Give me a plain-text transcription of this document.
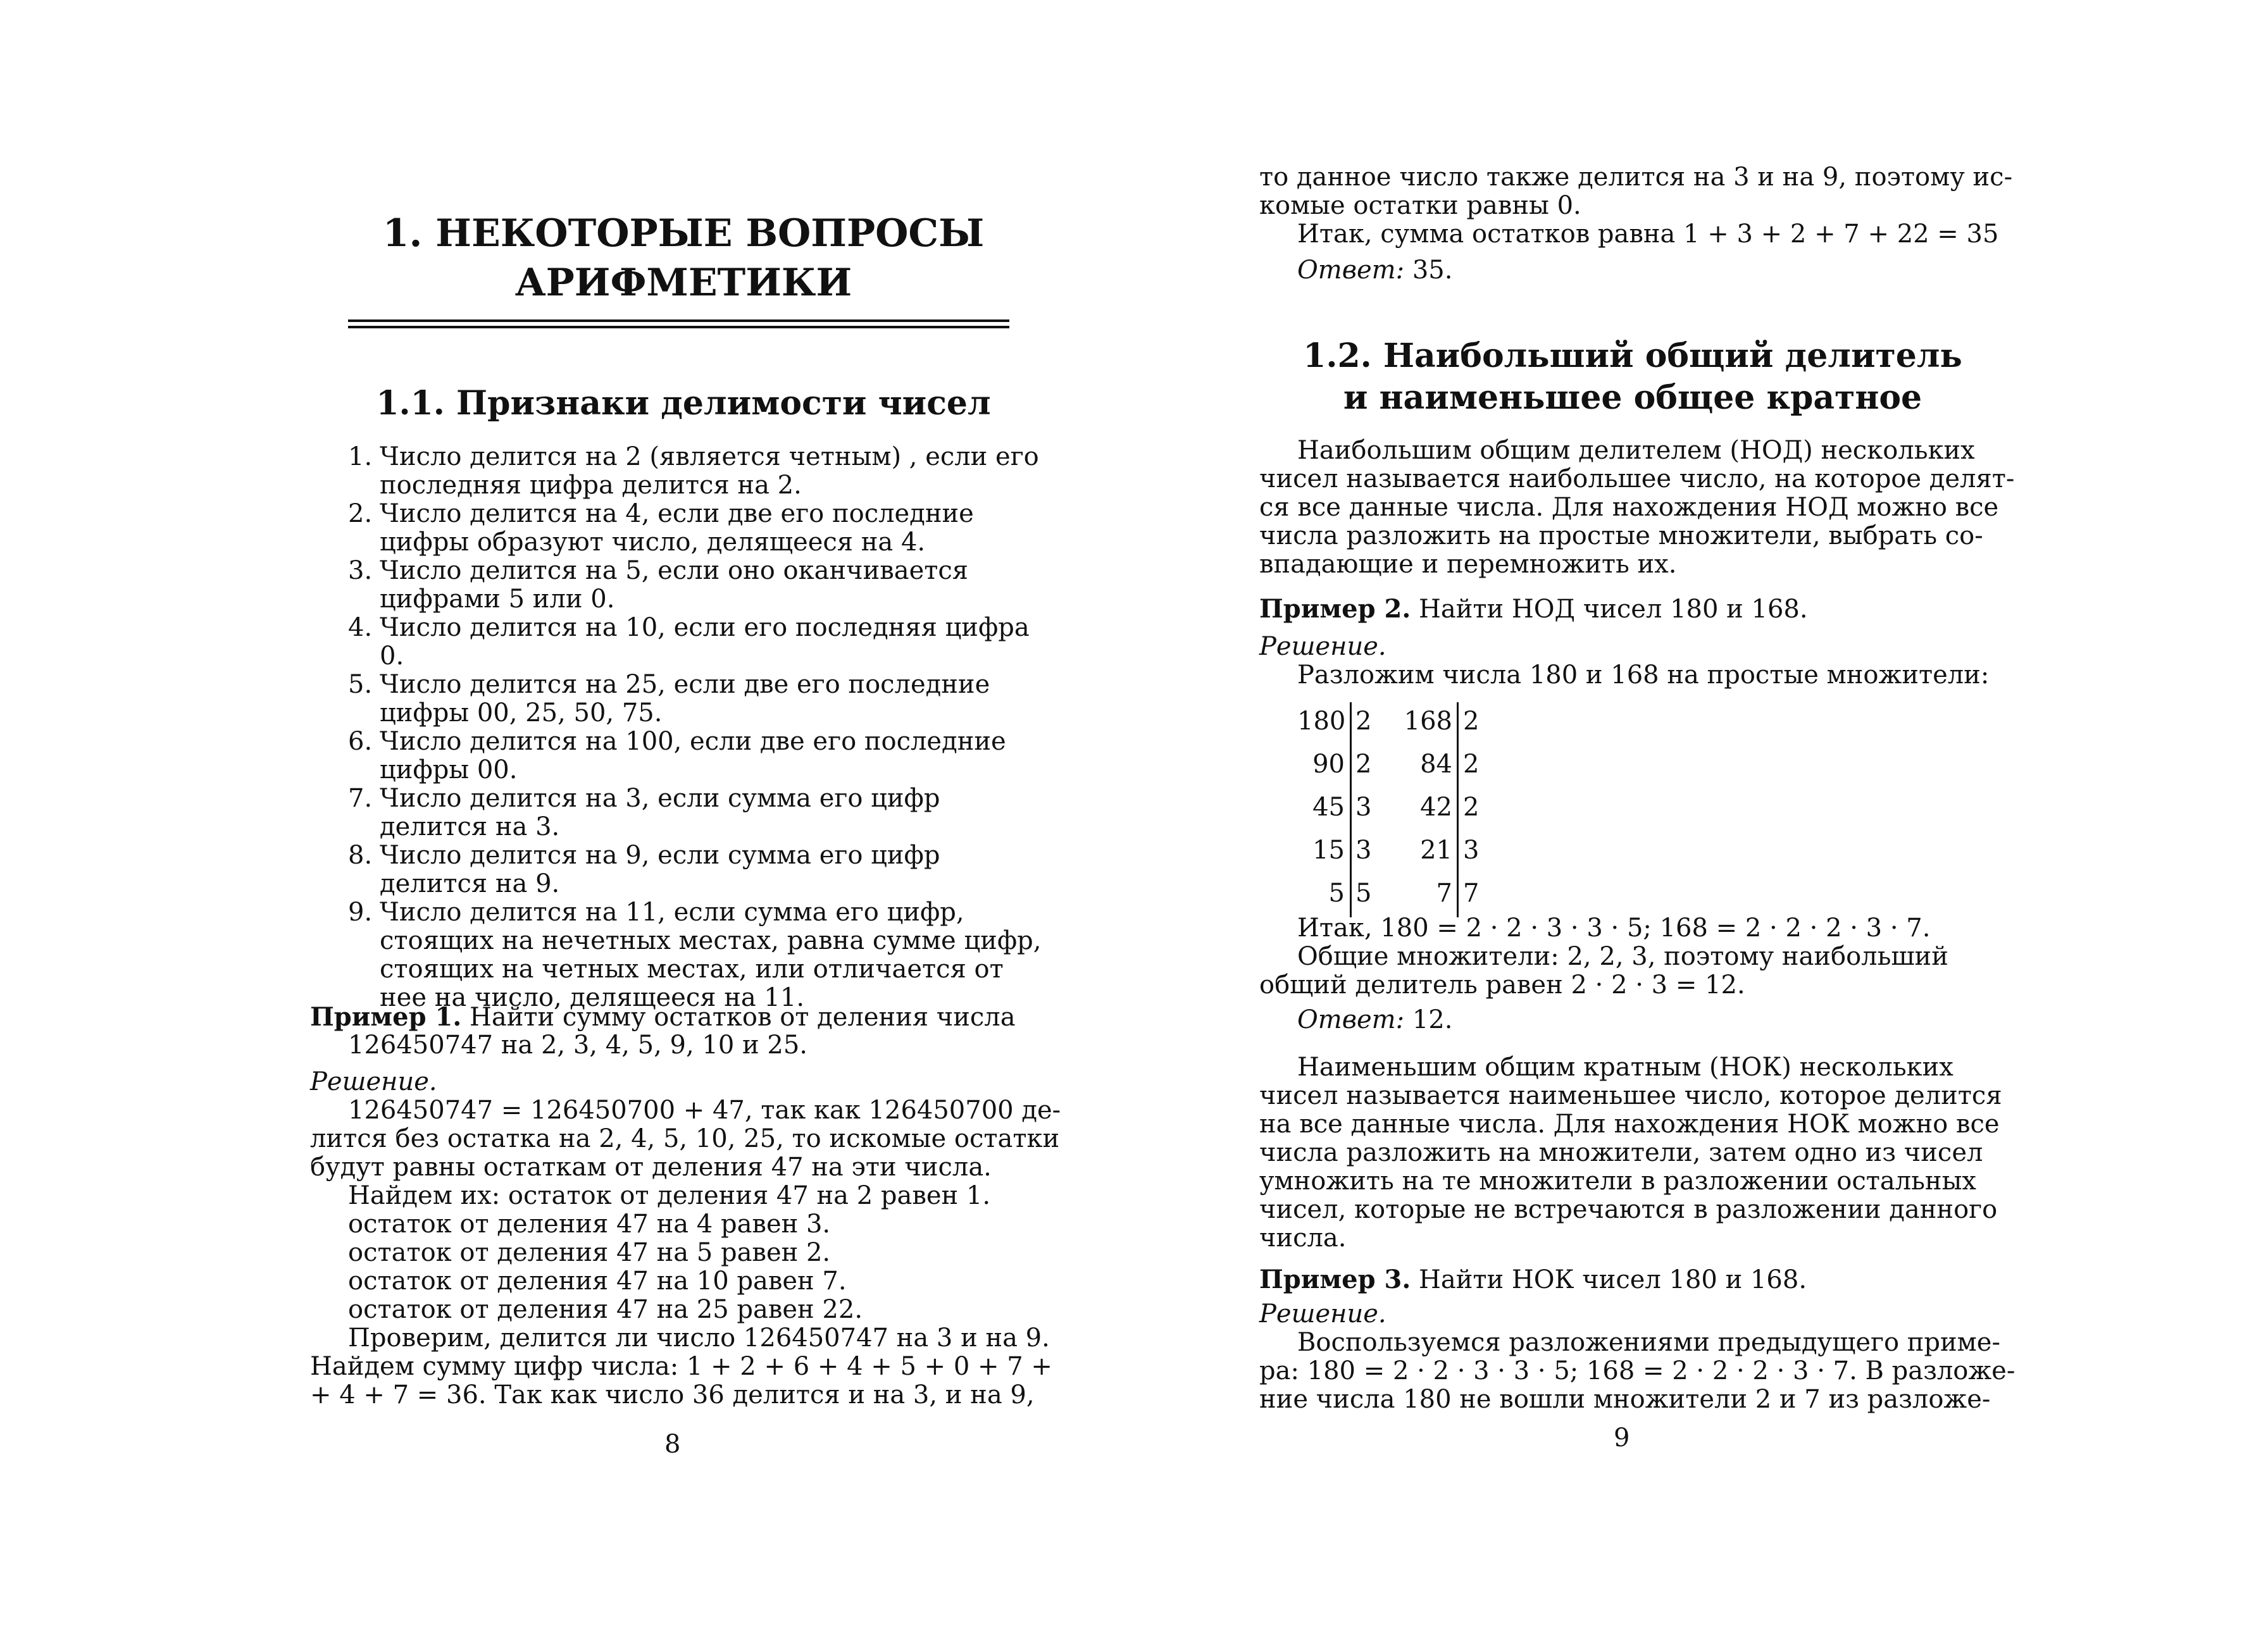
1. НЕКОТОРЫЕ ВОПРОСЫ
АРИФМЕТИКИ
1.1. Признаки делимости чисел
1. Число делится на 2 (является четным) , если его последняя цифра делится на 2.
2. Число делится на 4, если две его последние цифры образуют число, делящееся на 4.
3. Число делится на 5, если оно оканчивается цифрами 5 или 0.
4. Число делится на 10, если его последняя цифра 0.
5. Число делится на 25, если две его последние цифры 00, 25, 50, 75.
6. Число делится на 100, если две его последние цифры 00.
7. Число делится на 3, если сумма его цифр делится на 3.
8. Число делится на 9, если сумма его цифр делится на 9.
9. Число делится на 11, если сумма его цифр, стоящих на нечетных местах, равна сумме цифр, стоящих на четных местах, или отличается от нее на число, делящееся на 11.
Пример 1. Найти сумму остатков от деления числа
126450747 на 2, 3, 4, 5, 9, 10 и 25.
Решение.
126450747 = 126450700 + 47, так как 126450700 де-
лится без остатка на 2, 4, 5, 10, 25, то искомые остатки
будут равны остаткам от деления 47 на эти числа.
Найдем их: остаток от деления 47 на 2 равен 1.
остаток от деления 47 на 4 равен 3.
остаток от деления 47 на 5 равен 2.
остаток от деления 47 на 10 равен 7.
остаток от деления 47 на 25 равен 22.
Проверим, делится ли число 126450747 на 3 и на 9.
Найдем сумму цифр числа: 1 + 2 + 6 + 4 + 5 + 0 + 7 +
+ 4 + 7 = 36. Так как число 36 делится и на 3, и на 9,
8
то данное число также делится на 3 и на 9, поэтому ис-
комые остатки равны 0.
Итак, сумма остатков равна 1 + 3 + 2 + 7 + 22 = 35
Ответ: 35.
1.2. Наибольший общий делитель
и наименьшее общее кратное
Наибольшим общим делителем (НОД) нескольких
чисел называется наибольшее число, на которое делят-
ся все данные числа. Для нахождения НОД можно все
числа разложить на простые множители, выбрать со-
впадающие и перемножить их.
Пример 2. Найти НОД чисел 180 и 168.
Решение.
Разложим числа 180 и 168 на простые множители:
180 2	168 2
90 2	84 2
45 3	42 2
15 3	21 3
5 5	7 7
Итак, 180 = 2 · 2 · 3 · 3 · 5; 168 = 2 · 2 · 2 · 3 · 7.
Общие множители: 2, 2, 3, поэтому наибольший
общий делитель равен 2 · 2 · 3 = 12.
Ответ: 12.
Наименьшим общим кратным (НОК) нескольких
чисел называется наименьшее число, которое делится
на все данные числа. Для нахождения НОК можно все
числа разложить на множители, затем одно из чисел
умножить на те множители в разложении остальных
чисел, которые не встречаются в разложении данного
числа.
Пример 3. Найти НОК чисел 180 и 168.
Решение.
Воспользуемся разложениями предыдущего приме-
ра: 180 = 2 · 2 · 3 · 3 · 5; 168 = 2 · 2 · 2 · 3 · 7. В разложе-
ние числа 180 не вошли множители 2 и 7 из разложе-
9
